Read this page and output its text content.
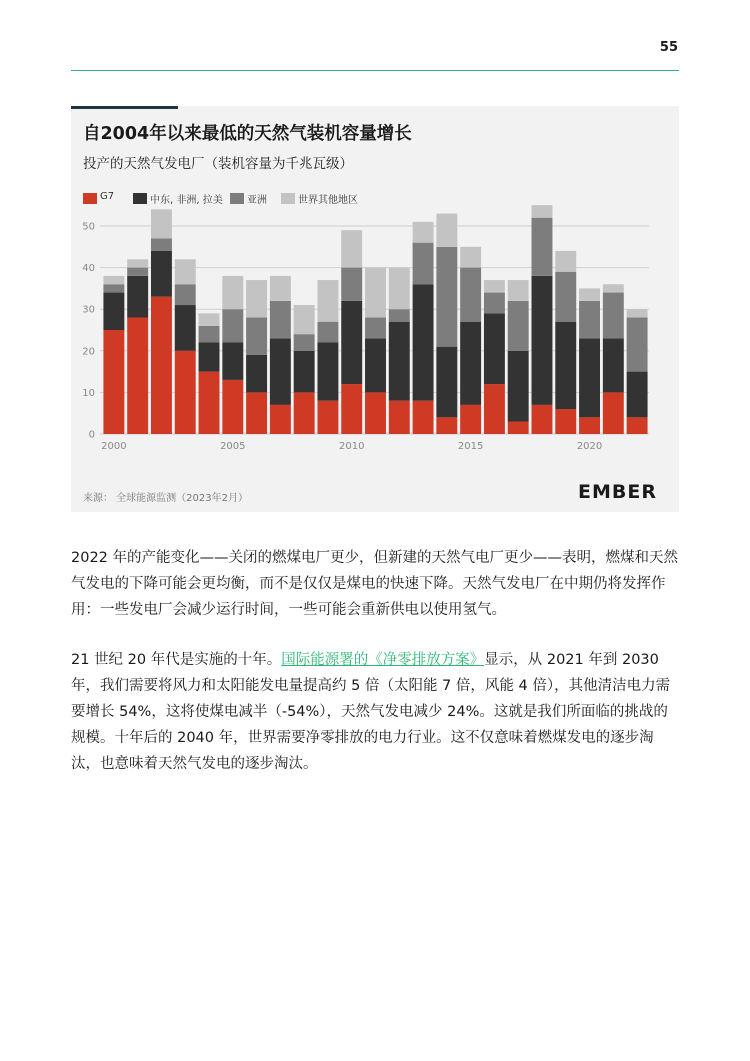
55
自2004年以来最低的天然气装机容量增长
投产的天然气发电厂（装机容量为千兆瓦级）
G7	中东, 非洲, 拉美 亚洲	世界其他地区
0
10
20
30
40
50
2000	2005	2010	2015	2020
来源： 全球能源监测（2023年2月）	EMBER

2022 年的产能变化——关闭的燃煤电厂更少，但新建的天然气电厂更少——表明，燃煤和天然气发电的下降可能会更均衡，而不是仅仅是煤电的快速下降。天然气发电厂在中期仍将发挥作用：一些发电厂会减少运行时间，一些可能会重新供电以使用氢气。

21 世纪 20 年代是实施的十年。国际能源署的《净零排放方案》显示，从 2021 年到 2030 年，我们需要将风力和太阳能发电量提高约 5 倍（太阳能 7 倍，风能 4 倍），其他清洁电力需要增长 54%，这将使煤电减半（-54%），天然气发电减少 24%。这就是我们所面临的挑战的规模。十年后的 2040 年，世界需要净零排放的电力行业。这不仅意味着燃煤发电的逐步淘汰，也意味着天然气发电的逐步淘汰。
